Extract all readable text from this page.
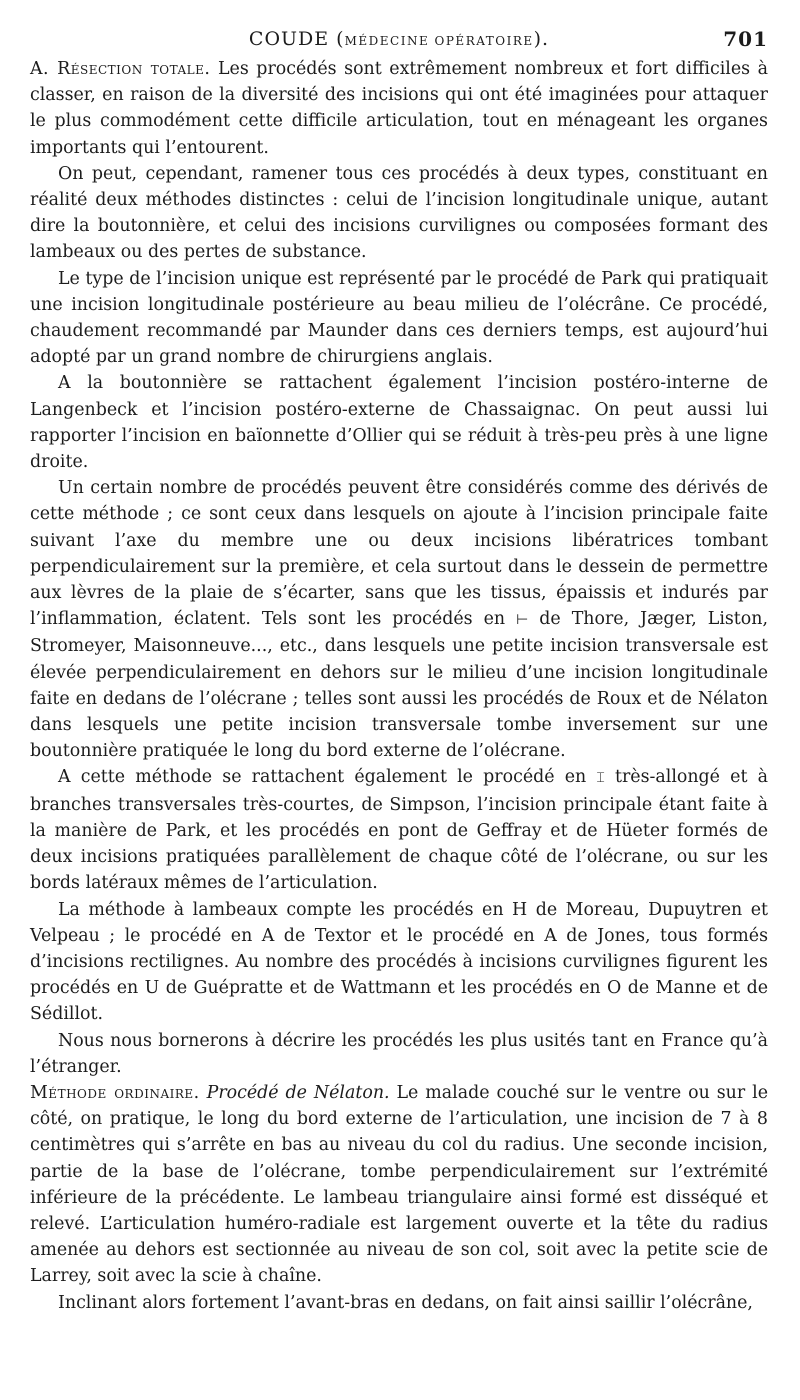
COUDE (MÉDECINE OPÉRATOIRE).	701

A. Résection totale. Les procédés sont extrêmement nombreux et fort difficiles à classer, en raison de la diversité des incisions qui ont été imaginées pour attaquer le plus commodément cette difficile articulation, tout en ménageant les organes importants qui l’entourent.

On peut, cependant, ramener tous ces procédés à deux types, constituant en réalité deux méthodes distinctes : celui de l’incision longitudinale unique, autant dire la boutonnière, et celui des incisions curvilignes ou composées formant des lambeaux ou des pertes de substance.

Le type de l’incision unique est représenté par le procédé de Park qui pratiquait une incision longitudinale postérieure au beau milieu de l’olécrâne. Ce procédé, chaudement recommandé par Maunder dans ces derniers temps, est aujourd’hui adopté par un grand nombre de chirurgiens anglais.

A la boutonnière se rattachent également l’incision postéro-interne de Langenbeck et l’incision postéro-externe de Chassaignac. On peut aussi lui rapporter l’incision en baïonnette d’Ollier qui se réduit à très-peu près à une ligne droite.

Un certain nombre de procédés peuvent être considérés comme des dérivés de cette méthode ; ce sont ceux dans lesquels on ajoute à l’incision principale faite suivant l’axe du membre une ou deux incisions libératrices tombant perpendiculairement sur la première, et cela surtout dans le dessein de permettre aux lèvres de la plaie de s’écarter, sans que les tissus, épaissis et indurés par l’inflammation, éclatent. Tels sont les procédés en ⊢ de Thore, Jæger, Liston, Stromeyer, Maisonneuve..., etc., dans lesquels une petite incision transversale est élevée perpendiculairement en dehors sur le milieu d’une incision longitudinale faite en dedans de l’olécrane ; telles sont aussi les procédés de Roux et de Nélaton dans lesquels une petite incision transversale tombe inversement sur une boutonnière pratiquée le long du bord externe de l’olécrane.

A cette méthode se rattachent également le procédé en ⌶ très-allongé et à branches transversales très-courtes, de Simpson, l’incision principale étant faite à la manière de Park, et les procédés en pont de Geffray et de Hüeter formés de deux incisions pratiquées parallèlement de chaque côté de l’olécrane, ou sur les bords latéraux mêmes de l’articulation.

La méthode à lambeaux compte les procédés en H de Moreau, Dupuytren et Velpeau ; le procédé en A de Textor et le procédé en A de Jones, tous formés d’incisions rectilignes. Au nombre des procédés à incisions curvilignes figurent les procédés en U de Guépratte et de Wattmann et les procédés en O de Manne et de Sédillot.

Nous nous bornerons à décrire les procédés les plus usités tant en France qu’à l’étranger.

Méthode ordinaire. Procédé de Nélaton. Le malade couché sur le ventre ou sur le côté, on pratique, le long du bord externe de l’articulation, une incision de 7 à 8 centimètres qui s’arrête en bas au niveau du col du radius. Une seconde incision, partie de la base de l’olécrane, tombe perpendiculairement sur l’extrémité inférieure de la précédente. Le lambeau triangulaire ainsi formé est disséqué et relevé. L’articulation huméro-radiale est largement ouverte et la tête du radius amenée au dehors est sectionnée au niveau de son col, soit avec la petite scie de Larrey, soit avec la scie à chaîne.

Inclinant alors fortement l’avant-bras en dedans, on fait ainsi saillir l’olécrâne,
